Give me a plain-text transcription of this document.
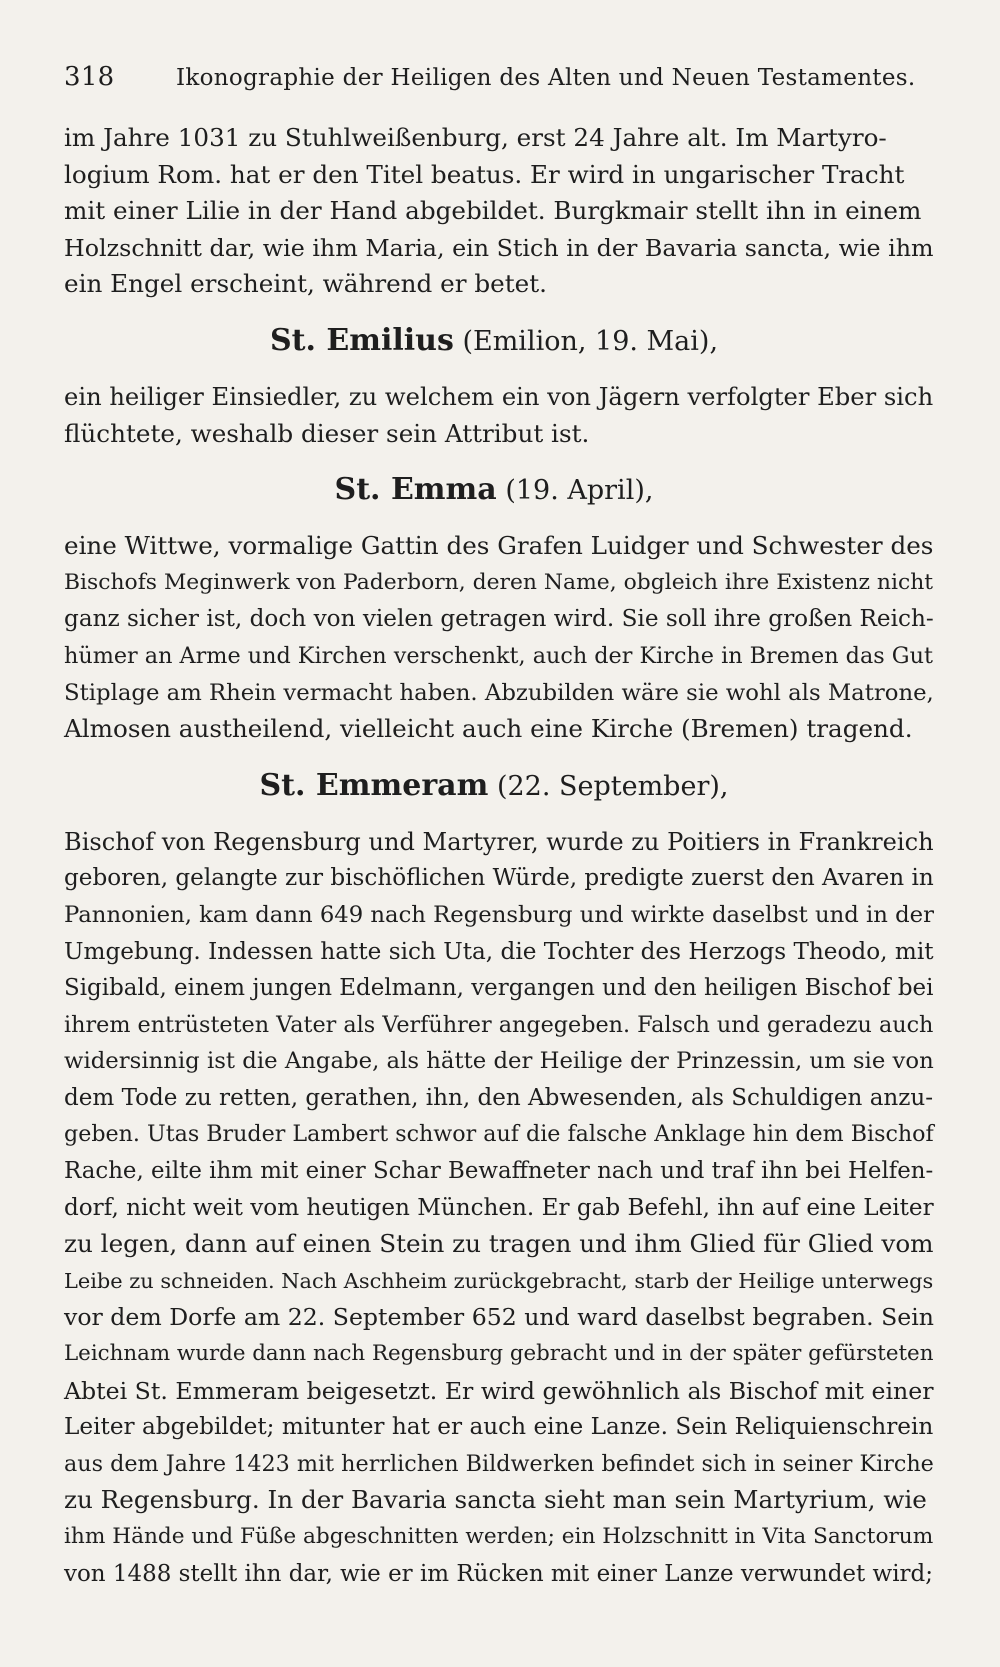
318	Ikonographie der Heiligen des Alten und Neuen Testamentes.
im Jahre 1031 zu Stuhlweißenburg, erst 24 Jahre alt. Im Martyro-
logium Rom. hat er den Titel beatus. Er wird in ungarischer Tracht
mit einer Lilie in der Hand abgebildet. Burgkmair stellt ihn in einem
Holzschnitt dar, wie ihm Maria, ein Stich in der Bavaria sancta, wie ihm
ein Engel erscheint, während er betet.
St. Emilius (Emilion, 19. Mai),
ein heiliger Einsiedler, zu welchem ein von Jägern verfolgter Eber sich
flüchtete, weshalb dieser sein Attribut ist.
St. Emma (19. April),
eine Wittwe, vormalige Gattin des Grafen Luidger und Schwester des
Bischofs Meginwerk von Paderborn, deren Name, obgleich ihre Existenz nicht
ganz sicher ist, doch von vielen getragen wird. Sie soll ihre großen Reich-
hümer an Arme und Kirchen verschenkt, auch der Kirche in Bremen das Gut
Stiplage am Rhein vermacht haben. Abzubilden wäre sie wohl als Matrone,
Almosen austheilend, vielleicht auch eine Kirche (Bremen) tragend.
St. Emmeram (22. September),
Bischof von Regensburg und Martyrer, wurde zu Poitiers in Frankreich
geboren, gelangte zur bischöflichen Würde, predigte zuerst den Avaren in
Pannonien, kam dann 649 nach Regensburg und wirkte daselbst und in der
Umgebung. Indessen hatte sich Uta, die Tochter des Herzogs Theodo, mit
Sigibald, einem jungen Edelmann, vergangen und den heiligen Bischof bei
ihrem entrüsteten Vater als Verführer angegeben. Falsch und geradezu auch
widersinnig ist die Angabe, als hätte der Heilige der Prinzessin, um sie von
dem Tode zu retten, gerathen, ihn, den Abwesenden, als Schuldigen anzu-
geben. Utas Bruder Lambert schwor auf die falsche Anklage hin dem Bischof
Rache, eilte ihm mit einer Schar Bewaffneter nach und traf ihn bei Helfen-
dorf, nicht weit vom heutigen München. Er gab Befehl, ihn auf eine Leiter
zu legen, dann auf einen Stein zu tragen und ihm Glied für Glied vom
Leibe zu schneiden. Nach Aschheim zurückgebracht, starb der Heilige unterwegs
vor dem Dorfe am 22. September 652 und ward daselbst begraben. Sein
Leichnam wurde dann nach Regensburg gebracht und in der später gefürsteten
Abtei St. Emmeram beigesetzt. Er wird gewöhnlich als Bischof mit einer
Leiter abgebildet; mitunter hat er auch eine Lanze. Sein Reliquienschrein
aus dem Jahre 1423 mit herrlichen Bildwerken befindet sich in seiner Kirche
zu Regensburg. In der Bavaria sancta sieht man sein Martyrium, wie
ihm Hände und Füße abgeschnitten werden; ein Holzschnitt in Vita Sanctorum
von 1488 stellt ihn dar, wie er im Rücken mit einer Lanze verwundet wird;
